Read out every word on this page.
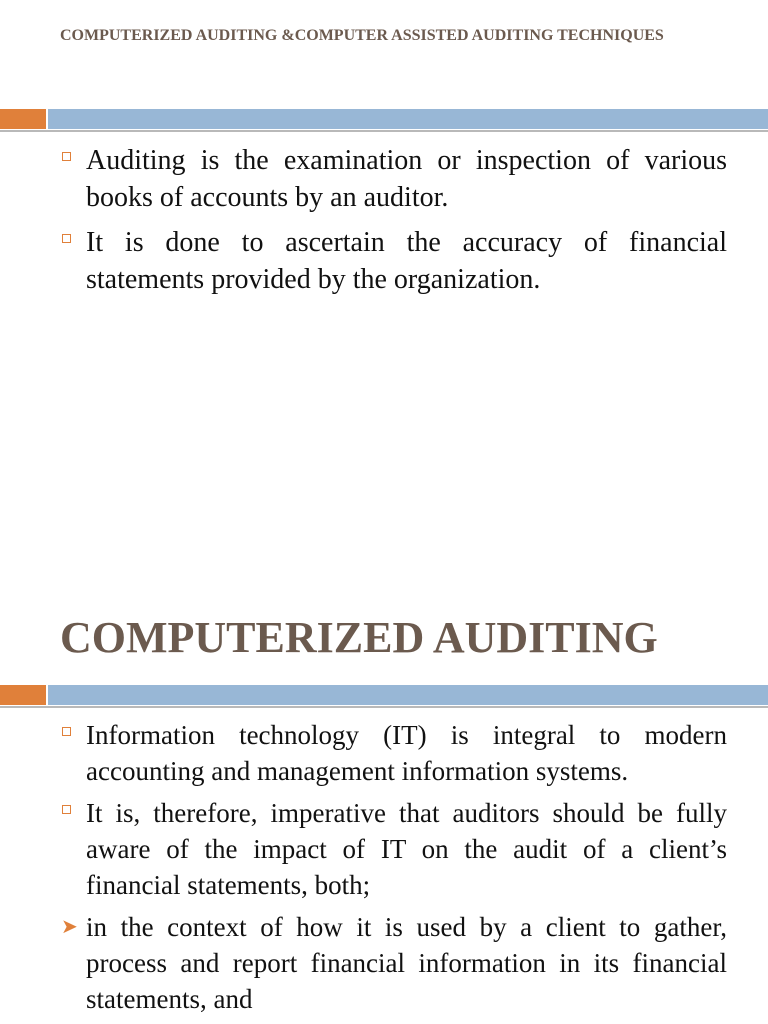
COMPUTERIZED AUDITING &COMPUTER ASSISTED AUDITING TECHNIQUES
Auditing is the examination or inspection of various books of accounts by an auditor.
It is done to ascertain the accuracy of financial statements provided by the organization.
COMPUTERIZED AUDITING
Information technology (IT) is integral to modern accounting and management information systems.
It is, therefore, imperative that auditors should be fully aware of the impact of IT on the audit of a client’s financial statements, both;
➤ in the context of how it is used by a client to gather, process and report financial information in its financial statements, and
